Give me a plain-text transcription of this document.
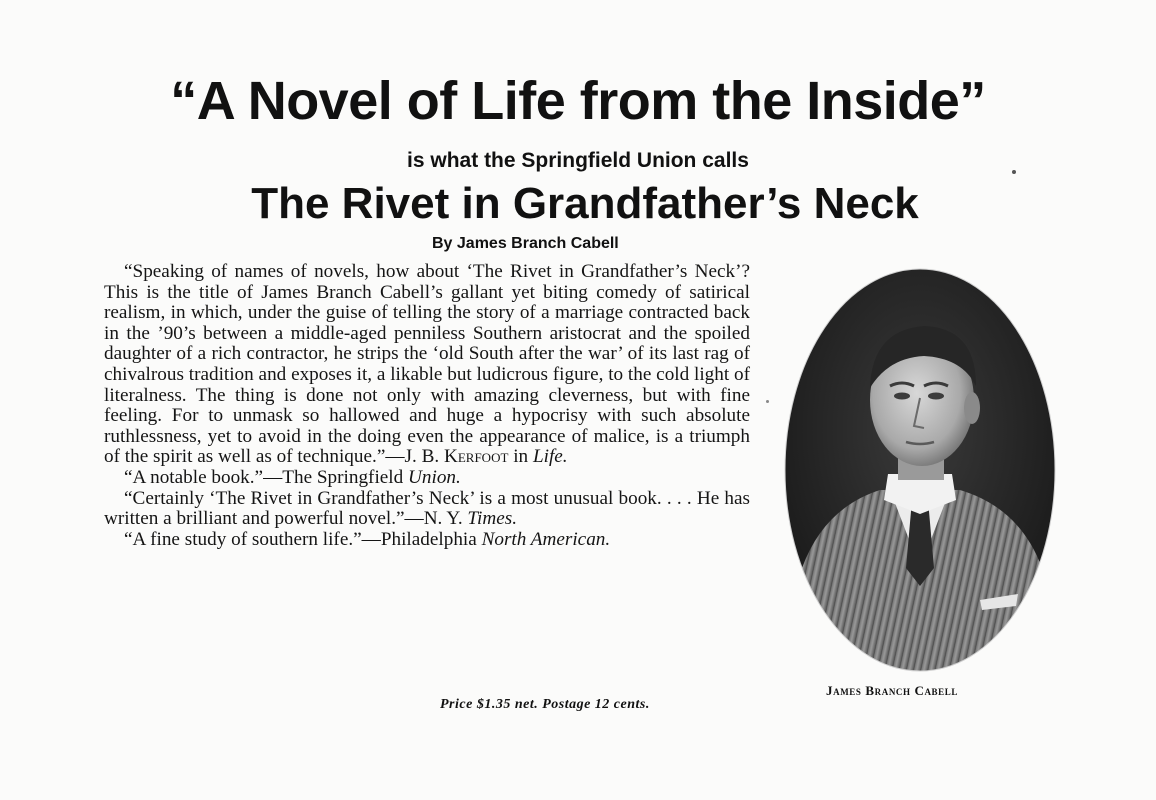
“A Novel of Life from the Inside”
is what the Springfield Union calls
The Rivet in Grandfather’s Neck
By James Branch Cabell

“Speaking of names of novels, how about ‘The Rivet in Grandfather’s Neck’? This is the title of James Branch Cabell’s gallant yet biting comedy of satirical realism, in which, under the guise of telling the story of a marriage contracted back in the ’90’s between a middle-aged penniless Southern aristocrat and the spoiled daughter of a rich contractor, he strips the ‘old South after the war’ of its last rag of chivalrous tradition and exposes it, a likable but ludicrous figure, to the cold light of literalness. The thing is done not only with amazing cleverness, but with fine feeling. For to unmask so hallowed and huge a hypocrisy with such absolute ruthlessness, yet to avoid in the doing even the appearance of malice, is a triumph of the spirit as well as of technique.”—J. B. Kerfoot in Life.

“A notable book.”—The Springfield Union.

“Certainly ‘The Rivet in Grandfather’s Neck’ is a most unusual book. . . . He has written a brilliant and powerful novel.”—N. Y. Times.

“A fine study of southern life.”—Philadelphia North American.

Price $1.35 net. Postage 12 cents.
James Branch Cabell
